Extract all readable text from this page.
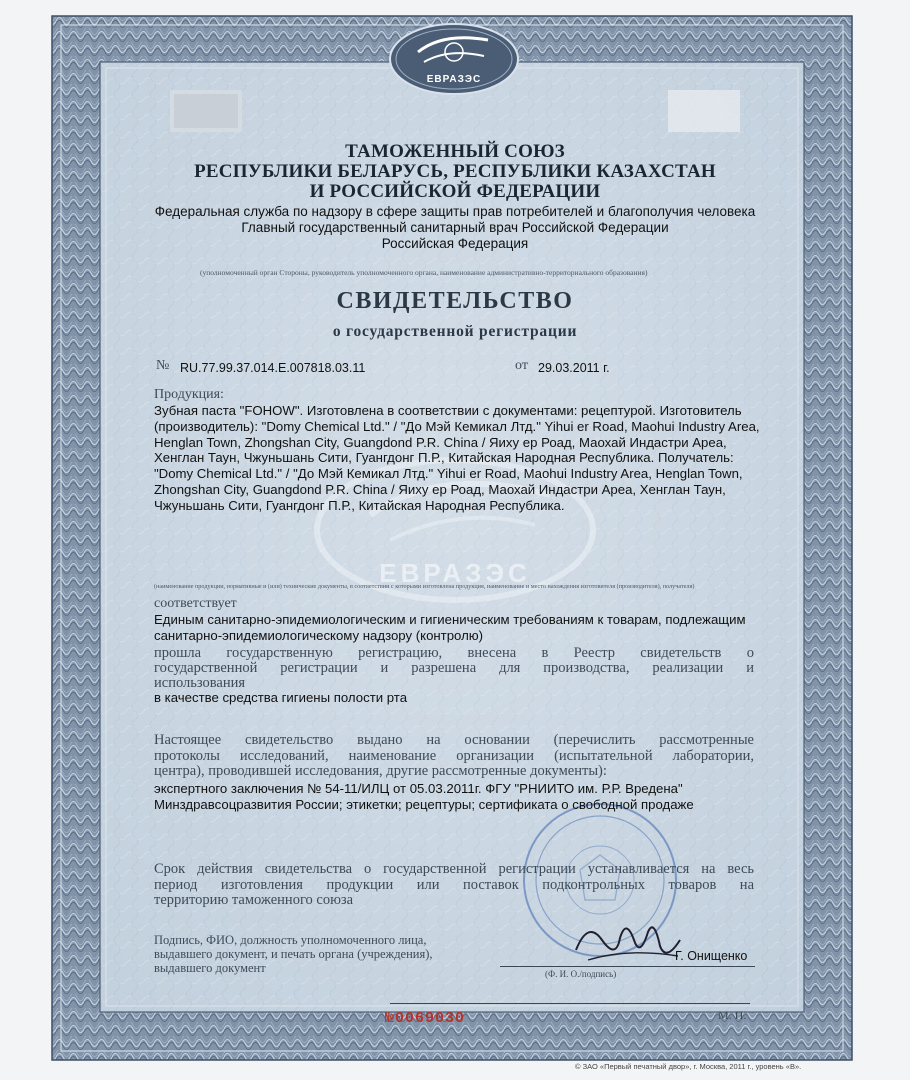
ЕВРАЗЭС
ЕВРАЗЭС
ТАМОЖЕННЫЙ СОЮЗ
РЕСПУБЛИКИ БЕЛАРУСЬ, РЕСПУБЛИКИ КАЗАХСТАН
И РОССИЙСКОЙ ФЕДЕРАЦИИ
Федеральная служба по надзору в сфере защиты прав потребителей и благополучия человека
Главный государственный санитарный врач Российской Федерации
Российская Федерация
(уполномоченный орган Стороны, руководитель уполномоченного органа, наименование административно-территориального образования)
СВИДЕТЕЛЬСТВО
о государственной регистрации
№ RU.77.99.37.014.E.007818.03.11	от 29.03.2011 г.
Продукция:
Зубная паста "FOHOW". Изготовлена в соответствии с документами: рецептурой. Изготовитель
(производитель): "Domy Chemical Ltd." / "До Мэй Кемикал Лтд." Yihui er Road, Maohui Industry Area,
Henglan Town, Zhongshan City, Guangdond P.R. China / Яиху ер Роад, Маохай Индастри Ареа,
Хенглан Таун, Чжуньшань Сити, Гуангдонг П.Р., Китайская Народная Республика. Получатель:
"Domy Chemical Ltd." / "До Мэй Кемикал Лтд." Yihui er Road, Maohui Industry Area, Henglan Town,
Zhongshan City, Guangdond P.R. China / Яиху ер Роад, Маохай Индастри Ареа, Хенглан Таун,
Чжуньшань Сити, Гуангдонг П.Р., Китайская Народная Республика.
(наименование продукции, нормативные и (или) технические документы, в соответствии с которыми изготовлена продукция, наименование и место нахождения изготовителя (производителя), получателя)
соответствует
Единым санитарно-эпидемиологическим и гигиеническим требованиям к товарам, подлежащим
санитарно-эпидемиологическому надзору (контролю)
прошла государственную регистрацию, внесена в Реестр свидетельств о
государственной регистрации и разрешена для производства, реализации и
использования
в качестве средства гигиены полости рта
Настоящее свидетельство выдано на основании (перечислить рассмотренные
протоколы исследований, наименование организации (испытательной лаборатории,
центра), проводившей исследования, другие рассмотренные документы):
экспертного заключения № 54-11/ИЛЦ от 05.03.2011г. ФГУ "РНИИТО им. Р.Р. Вредена"
Минздравсоцразвития России; этикетки; рецептуры; сертификата о свободной продаже
Срок действия свидетельства о государственной регистрации устанавливается на весь
период изготовления продукции или поставок подконтрольных товаров на
территорию таможенного союза
Подпись, ФИО, должность уполномоченного лица,
выдавшего документ, и печать органа (учреждения),
выдавшего документ
Г. Онищенко
(Ф. И. О./подпись)
М. П.
№0069030
© ЗАО «Первый печатный двор», г. Москва, 2011 г., уровень «В».
